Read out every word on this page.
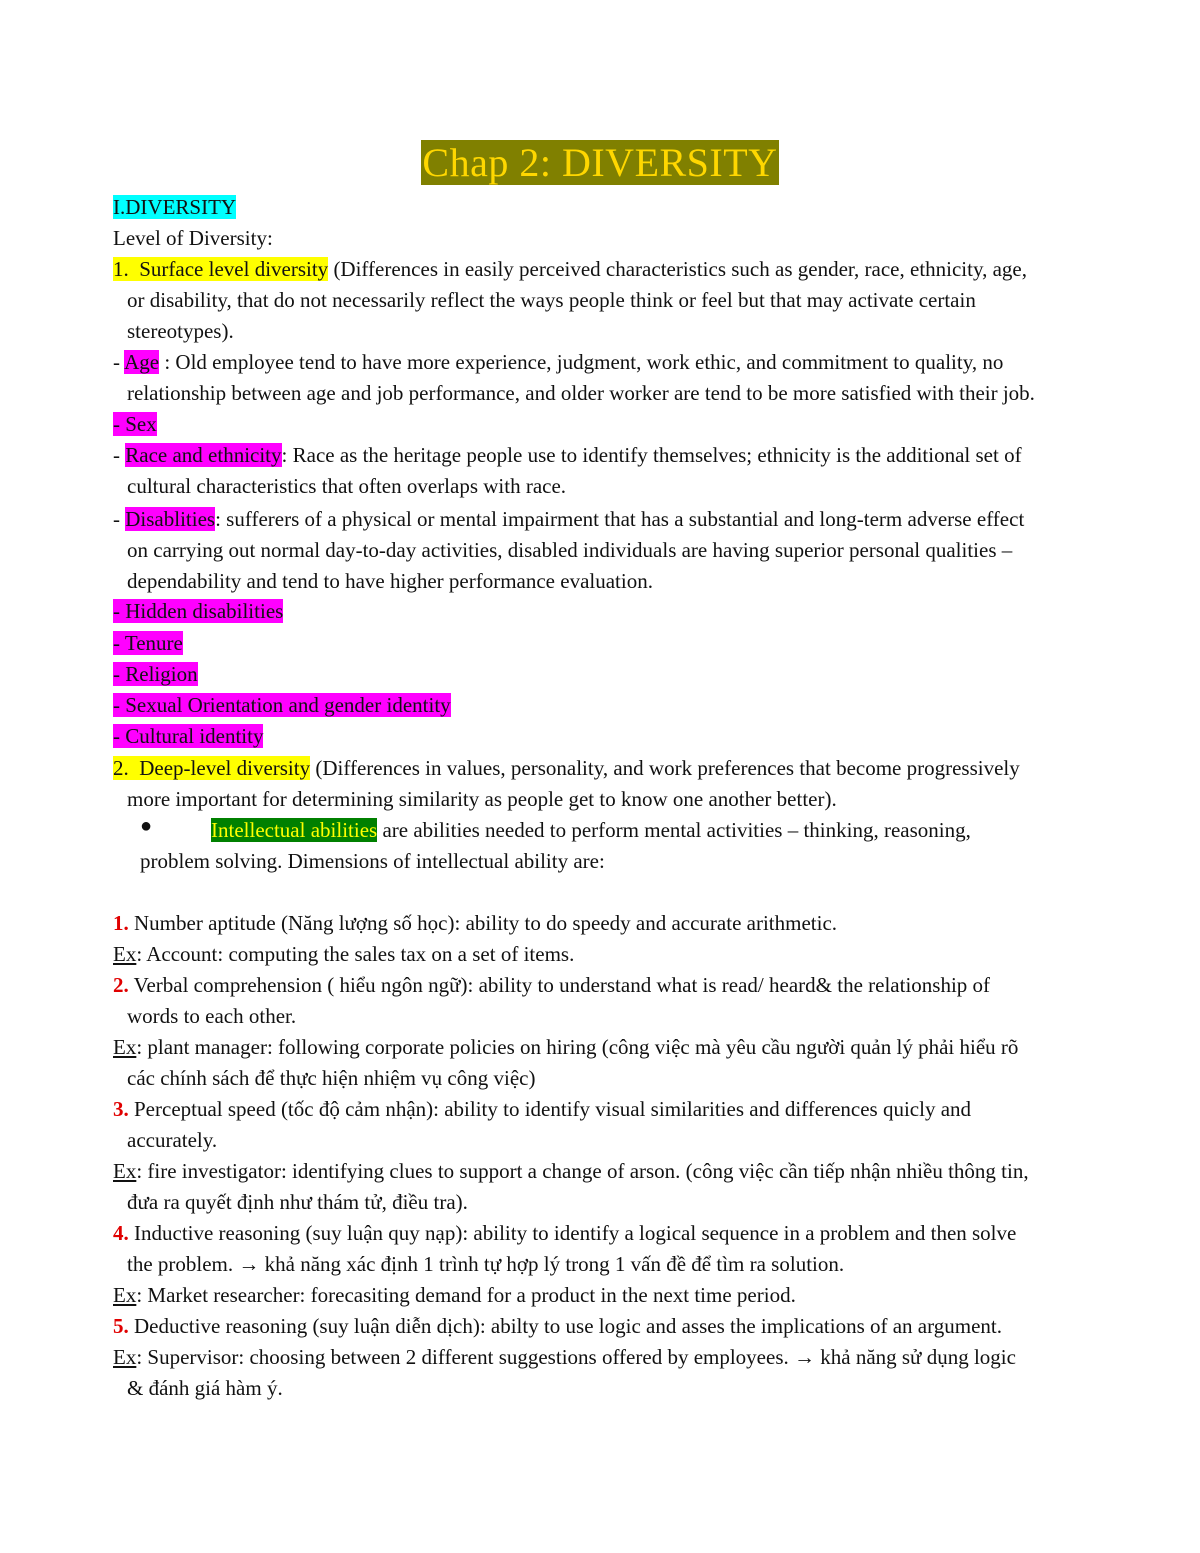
Chap 2: DIVERSITY
I.DIVERSITY
Level of Diversity:
1. Surface level diversity (Differences in easily perceived characteristics such as gender, race, ethnicity, age,
or disability, that do not necessarily reflect the ways people think or feel but that may activate certain
stereotypes).
- Age : Old employee tend to have more experience, judgment, work ethic, and commitment to quality, no
relationship between age and job performance, and older worker are tend to be more satisfied with their job.
- Sex
- Race and ethnicity: Race as the heritage people use to identify themselves; ethnicity is the additional set of
cultural characteristics that often overlaps with race.
- Disablities: sufferers of a physical or mental impairment that has a substantial and long-term adverse effect
on carrying out normal day-to-day activities, disabled individuals are having superior personal qualities –
dependability and tend to have higher performance evaluation.
- Hidden disabilities
- Tenure
- Religion
- Sexual Orientation and gender identity
- Cultural identity
2. Deep-level diversity (Differences in values, personality, and work preferences that become progressively
more important for determining similarity as people get to know one another better).
●	Intellectual abilities are abilities needed to perform mental activities – thinking, reasoning,
problem solving. Dimensions of intellectual ability are:
1. Number aptitude (Năng lượng số học): ability to do speedy and accurate arithmetic.
Ex: Account: computing the sales tax on a set of items.
2. Verbal comprehension ( hiểu ngôn ngữ): ability to understand what is read/ heard& the relationship of
words to each other.
Ex: plant manager: following corporate policies on hiring (công việc mà yêu cầu người quản lý phải hiểu rõ
các chính sách để thực hiện nhiệm vụ công việc)
3. Perceptual speed (tốc độ cảm nhận): ability to identify visual similarities and differences quicly and
accurately.
Ex: fire investigator: identifying clues to support a change of arson. (công việc cần tiếp nhận nhiều thông tin,
đưa ra quyết định như thám tử, điều tra).
4. Inductive reasoning (suy luận quy nạp): ability to identify a logical sequence in a problem and then solve
the problem. → khả năng xác định 1 trình tự hợp lý trong 1 vấn đề để tìm ra solution.
Ex: Market researcher: forecasiting demand for a product in the next time period.
5. Deductive reasoning (suy luận diễn dịch): abilty to use logic and asses the implications of an argument.
Ex: Supervisor: choosing between 2 different suggestions offered by employees. → khả năng sử dụng logic
& đánh giá hàm ý.
